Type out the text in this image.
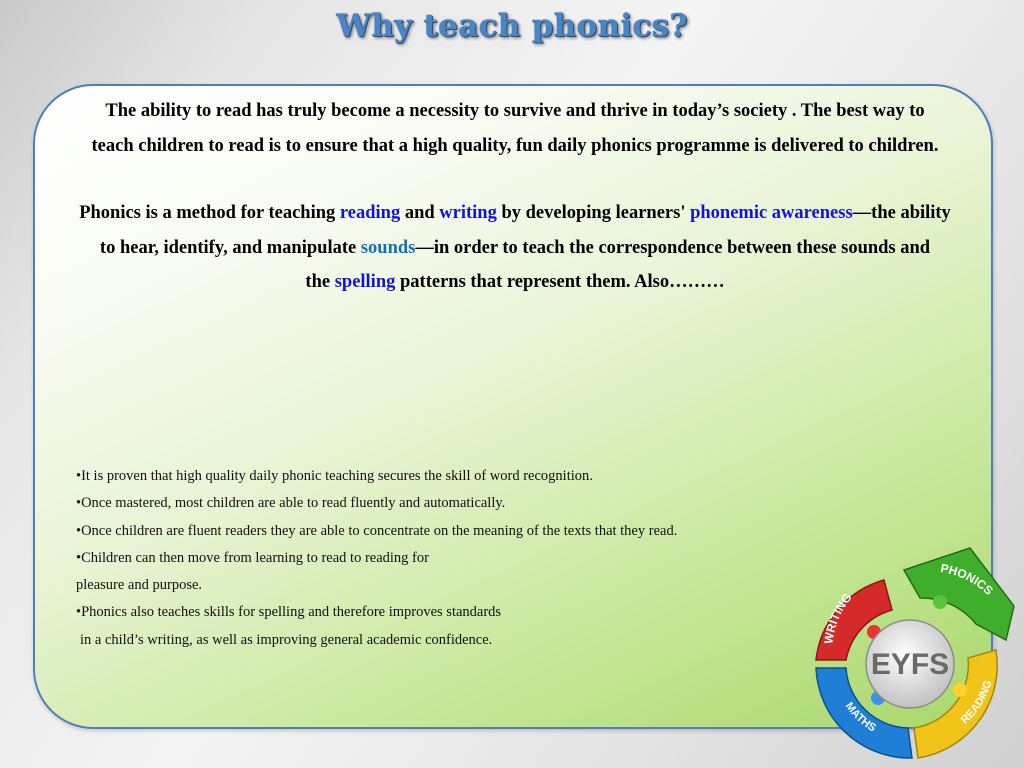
Why teach phonics?

The ability to read has truly become a necessity to survive and thrive in today’s society . The best way to
teach children to read is to ensure that a high quality, fun daily phonics programme is delivered to children.

Phonics is a method for teaching reading and writing by developing learners' phonemic awareness—the ability
to hear, identify, and manipulate sounds—in order to teach the correspondence between these sounds and
the spelling patterns that represent them. Also………

•It is proven that high quality daily phonic teaching secures the skill of word recognition.
•Once mastered, most children are able to read fluently and automatically.
•Once children are fluent readers they are able to concentrate on the meaning of the texts that they read.
•Children can then move from learning to read to reading for
pleasure and purpose.
•Phonics also teaches skills for spelling and therefore improves standards
in a child’s writing, as well as improving general academic confidence.
EYFS
WRITING
PHONICS
READING
MATHS
